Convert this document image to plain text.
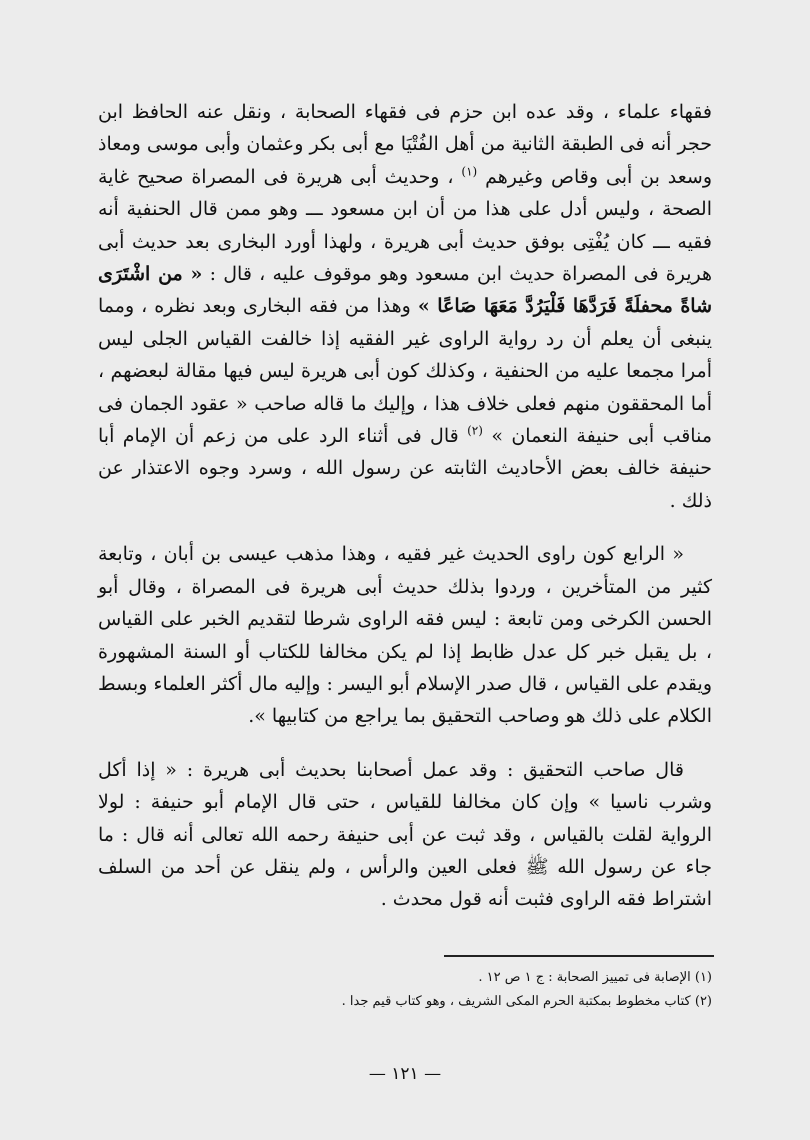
فقهاء علماء ، وقد عده ابن حزم فى فقهاء الصحابة ، ونقل عنه الحافظ ابن حجر أنه فى الطبقة الثانية من أهل الفُتْيَا مع أبى بكر وعثمان وأبى موسى ومعاذ وسعد بن أبى وقاص وغيرهم $^{(١)}$ ، وحديث أبى هريرة فى المصراة صحيح غاية الصحة ، وليس أدل على هذا من أن ابن مسعود ـــ وهو ممن قال الحنفية أنه فقيه ـــ كان يُفْتِى بوفق حديث أبى هريرة ، ولهذا أورد البخارى بعد حديث أبى هريرة فى المصراة حديث ابن مسعود وهو موقوف عليه ، قال : « من اشْتَرَى شاةً محفلَةً فَرَدَّهَا فَلْيَرُدَّ مَعَهَا صَاعًا » وهذا من فقه البخارى وبعد نظره ، ومما ينبغى أن يعلم أن رد رواية الراوى غير الفقيه إذا خالفت القياس الجلى ليس أمرا مجمعا عليه من الحنفية ، وكذلك كون أبى هريرة ليس فيها مقالة لبعضهم ، أما المحققون منهم فعلى خلاف هذا ، وإليك ما قاله صاحب « عقود الجمان فى مناقب أبى حنيفة النعمان » $^{(٢)}$ قال فى أثناء الرد على من زعم أن الإمام أبا حنيفة خالف بعض الأحاديث الثابته عن رسول الله ، وسرد وجوه الاعتذار عن ذلك .

« الرابع كون راوى الحديث غير فقيه ، وهذا مذهب عيسى بن أبان ، وتابعة كثير من المتأخرين ، وردوا بذلك حديث أبى هريرة فى المصراة ، وقال أبو الحسن الكرخى ومن تابعة : ليس فقه الراوى شرطا لتقديم الخبر على القياس ، بل يقبل خبر كل عدل ظابط إذا لم يكن مخالفا للكتاب أو السنة المشهورة ويقدم على القياس ، قال صدر الإسلام أبو اليسر : وإليه مال أكثر العلماء وبسط الكلام على ذلك هو وصاحب التحقيق بما يراجع من كتابيها ».

قال صاحب التحقيق : وقد عمل أصحابنا بحديث أبى هريرة : « إذا أكل وشرب ناسيا » وإن كان مخالفا للقياس ، حتى قال الإمام أبو حنيفة : لولا الرواية لقلت بالقياس ، وقد ثبت عن أبى حنيفة رحمه الله تعالى أنه قال : ما جاء عن رسول الله ﷺ فعلى العين والرأس ، ولم ينقل عن أحد من السلف اشتراط فقه الراوى فثبت أنه قول محدث .

(١) الإصابة فى تمييز الصحابة : ج ١ ص ١٢ .
(٢) كتاب مخطوط بمكتبة الحرم المكى الشريف ، وهو كتاب قيم جدا .
— ١٢١ —
